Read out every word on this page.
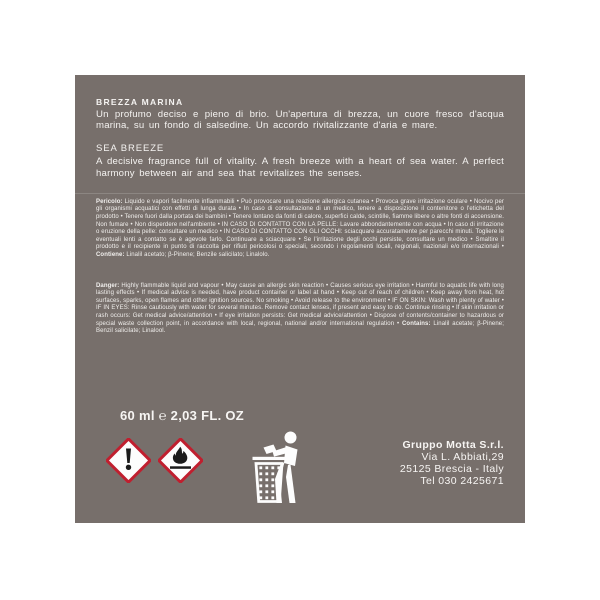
BREZZA MARINA

Un profumo deciso e pieno di brio. Un'apertura di brezza, un cuore fresco d'acqua marina, su un fondo di salsedine. Un accordo rivitalizzante d'aria e mare.

SEA BREEZE

A decisive fragrance full of vitality. A fresh breeze with a heart of sea water. A perfect harmony between air and sea that revitalizes the senses.

Pericolo: Liquido e vapori facilmente infiammabili • Può provocare una reazione allergica cutanea • Provoca grave irritazione oculare • Nocivo per gli organismi acquatici con effetti di lunga durata • In caso di consultazione di un medico, tenere a disposizione il contenitore o l'etichetta del prodotto • Tenere fuori dalla portata dei bambini • Tenere lontano da fonti di calore, superfici calde, scintille, fiamme libere o altre fonti di accensione. Non fumare • Non disperdere nell'ambiente • IN CASO DI CONTATTO CON LA PELLE: Lavare abbondantemente con acqua • In caso di irritazione o eruzione della pelle: consultare un medico • IN CASO DI CONTATTO CON GLI OCCHI: sciacquare accuratamente per parecchi minuti. Togliere le eventuali lenti a contatto se è agevole farlo. Continuare a sciacquare • Se l'irritazione degli occhi persiste, consultare un medico • Smaltire il prodotto e il recipiente in punto di raccolta per rifiuti pericolosi o speciali, secondo i regolamenti locali, regionali, nazionali e/o internazionali • Contiene: Linalil acetato; β-Pinene; Benzile salicilato; Linalolo.

Danger: Highly flammable liquid and vapour • May cause an allergic skin reaction • Causes serious eye irritation • Harmful to aquatic life with long lasting effects • If medical advice is needed, have product container or label at hand • Keep out of reach of children • Keep away from heat, hot surfaces, sparks, open flames and other ignition sources. No smoking • Avoid release to the environment • IF ON SKIN: Wash with plenty of water • IF IN EYES: Rinse cautiously with water for several minutes. Remove contact lenses, if present and easy to do. Continue rinsing • If skin irritation or rash occurs: Get medical advice/attention • If eye irritation persists: Get medical advice/attention • Dispose of contents/container to hazardous or special waste collection point, in accordance with local, regional, national and/or international regulation • Contains: Linalil acetate; β-Pinene; Benzil salicilate; Linalool.

60 ml ℮ 2,03 FL. OZ
Gruppo Motta S.r.l.
Via L. Abbiati,29
25125 Brescia - Italy
Tel 030 2425671
